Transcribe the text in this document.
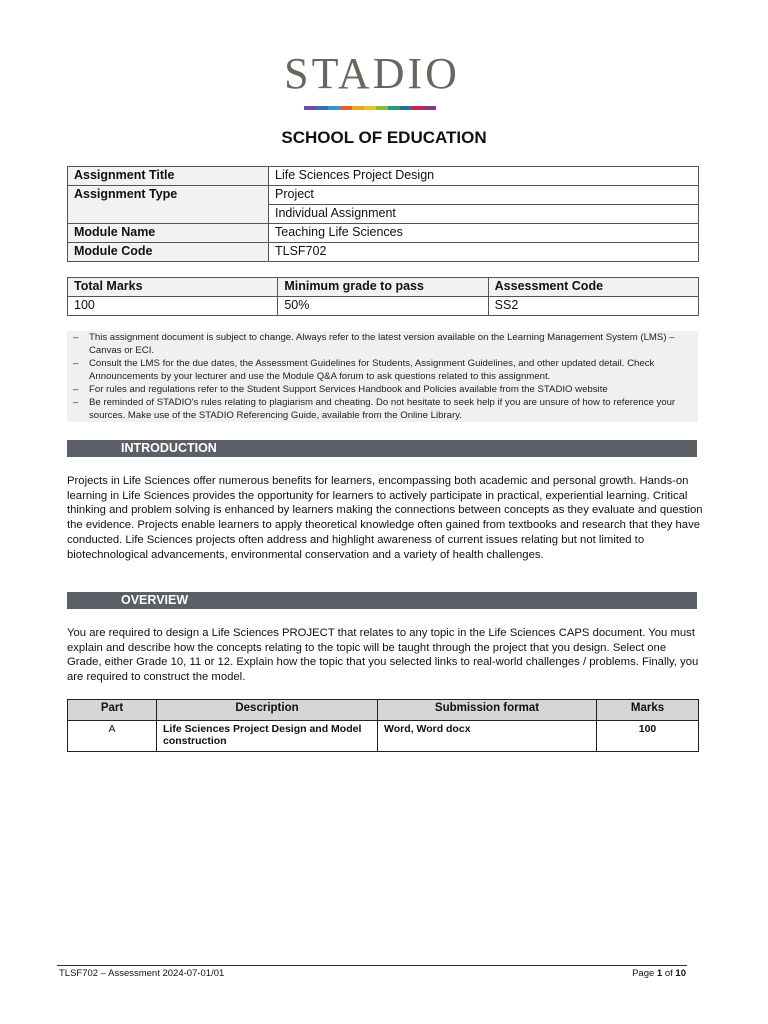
STADIO
SCHOOL OF EDUCATION
Assignment Title	Life Sciences Project Design
Assignment Type	Project
	Individual Assignment
Module Name	Teaching Life Sciences
Module Code	TLSF702
Total Marks	Minimum grade to pass	Assessment Code
100	50%	SS2
–	This assignment document is subject to change. Always refer to the latest version available on the Learning Management System (LMS) – Canvas or ECI.
–	Consult the LMS for the due dates, the Assessment Guidelines for Students, Assignment Guidelines, and other updated detail. Check Announcements by your lecturer and use the Module Q&A forum to ask questions related to this assignment.
–	For rules and regulations refer to the Student Support Services Handbook and Policies available from the STADIO website
–	Be reminded of STADIO's rules relating to plagiarism and cheating. Do not hesitate to seek help if you are unsure of how to reference your sources. Make use of the STADIO Referencing Guide, available from the Online Library.
INTRODUCTION
Projects in Life Sciences offer numerous benefits for learners, encompassing both academic and personal growth. Hands-on learning in Life Sciences provides the opportunity for learners to actively participate in practical, experiential learning. Critical thinking and problem solving is enhanced by learners making the connections between concepts as they evaluate and question the evidence. Projects enable learners to apply theoretical knowledge often gained from textbooks and research that they have conducted. Life Sciences projects often address and highlight awareness of current issues relating but not limited to biotechnological advancements, environmental conservation and a variety of health challenges.
OVERVIEW
You are required to design a Life Sciences PROJECT that relates to any topic in the Life Sciences CAPS document. You must explain and describe how the concepts relating to the topic will be taught through the project that you design. Select one Grade, either Grade 10, 11 or 12. Explain how the topic that you selected links to real-world challenges / problems. Finally, you are required to construct the model.
Part	Description	Submission format	Marks
A	Life Sciences Project Design and Model construction	Word, Word docx	100
TLSF702 – Assessment 2024-07-01/01	Page 1 of 10
